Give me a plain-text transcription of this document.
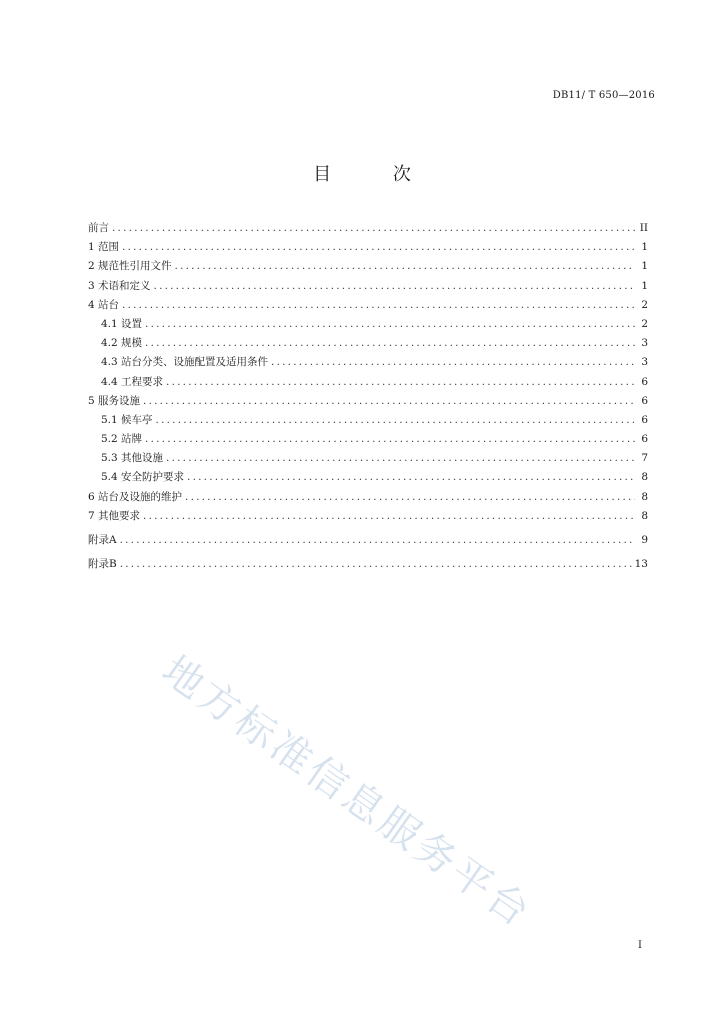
DB11/ T 650—2016
目 次
前言 .....	II
1 范围 .....	1
2 规范性引用文件 .....	1
3 术语和定义 .....	1
4 站台 .....	2
4.1 设置 .....	2
4.2 规模 .....	3
4.3 站台分类、设施配置及适用条件 .....	3
4.4 工程要求 .....	6
5 服务设施 .....	6
5.1 候车亭 .....	6
5.2 站牌 .....	6
5.3 其他设施 .....	7
5.4 安全防护要求 .....	8
6 站台及设施的维护 .....	8
7 其他要求 .....	8
附录A .....	9
附录B .....	13
地方标准信息服务平台
I
